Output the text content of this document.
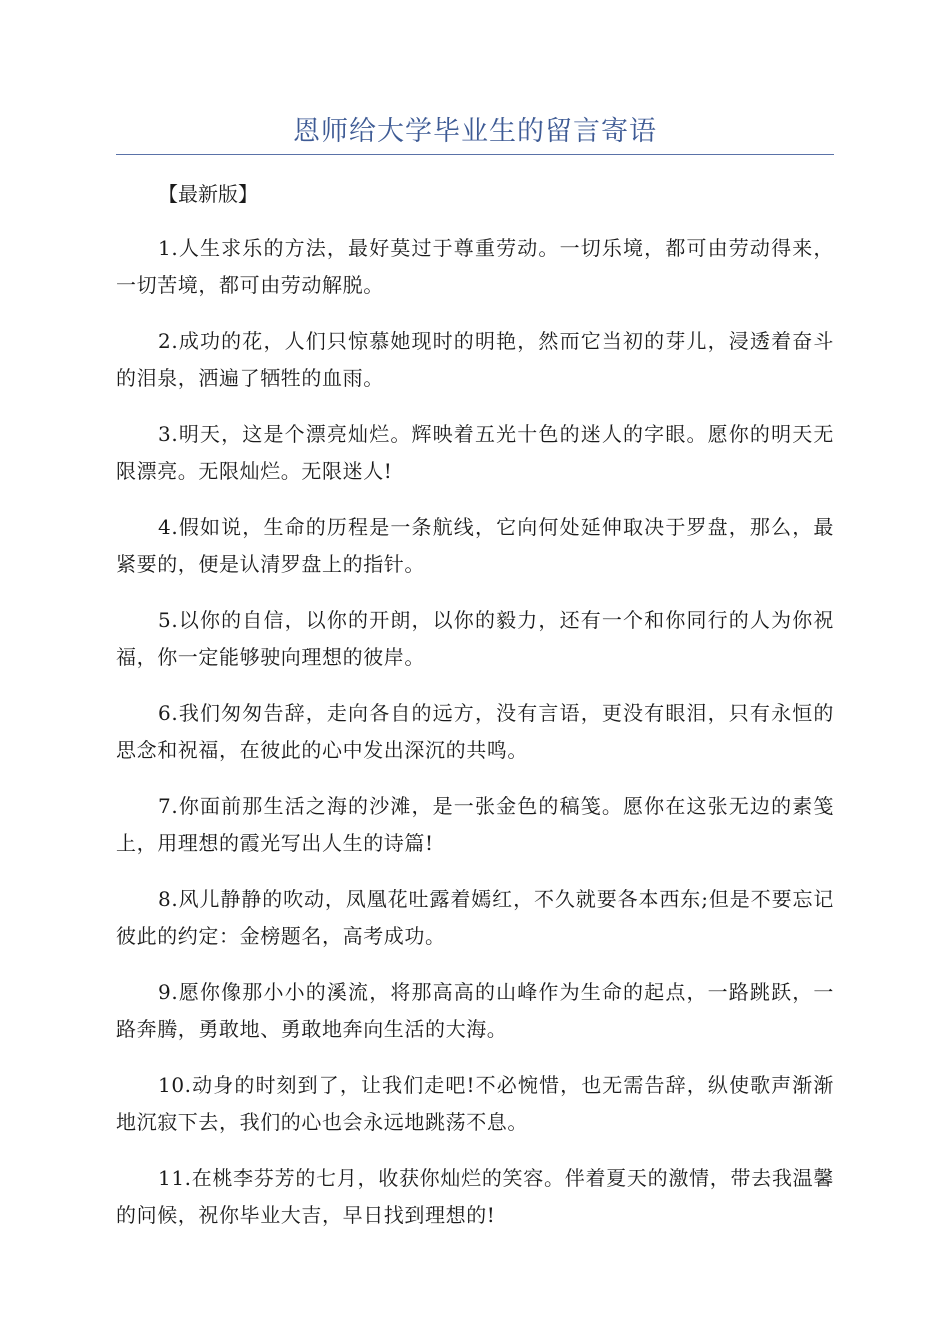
恩师给大学毕业生的留言寄语

【最新版】

1.人生求乐的方法，最好莫过于尊重劳动。一切乐境，都可由劳动得来，一切苦境，都可由劳动解脱。

2.成功的花，人们只惊慕她现时的明艳，然而它当初的芽儿，浸透着奋斗的泪泉，洒遍了牺牲的血雨。

3.明天，这是个漂亮灿烂。辉映着五光十色的迷人的字眼。愿你的明天无限漂亮。无限灿烂。无限迷人!

4.假如说，生命的历程是一条航线，它向何处延伸取决于罗盘，那么，最紧要的，便是认清罗盘上的指针。

5.以你的自信，以你的开朗，以你的毅力，还有一个和你同行的人为你祝福，你一定能够驶向理想的彼岸。

6.我们匆匆告辞，走向各自的远方，没有言语，更没有眼泪，只有永恒的思念和祝福，在彼此的心中发出深沉的共鸣。

7.你面前那生活之海的沙滩，是一张金色的稿笺。愿你在这张无边的素笺上，用理想的霞光写出人生的诗篇!

8.风儿静静的吹动，凤凰花吐露着嫣红，不久就要各本西东;但是不要忘记彼此的约定：金榜题名，高考成功。

9.愿你像那小小的溪流，将那高高的山峰作为生命的起点，一路跳跃，一路奔腾，勇敢地、勇敢地奔向生活的大海。

10.动身的时刻到了，让我们走吧!不必惋惜，也无需告辞，纵使歌声渐渐地沉寂下去，我们的心也会永远地跳荡不息。

11.在桃李芬芳的七月，收获你灿烂的笑容。伴着夏天的激情，带去我温馨的问候，祝你毕业大吉，早日找到理想的!
